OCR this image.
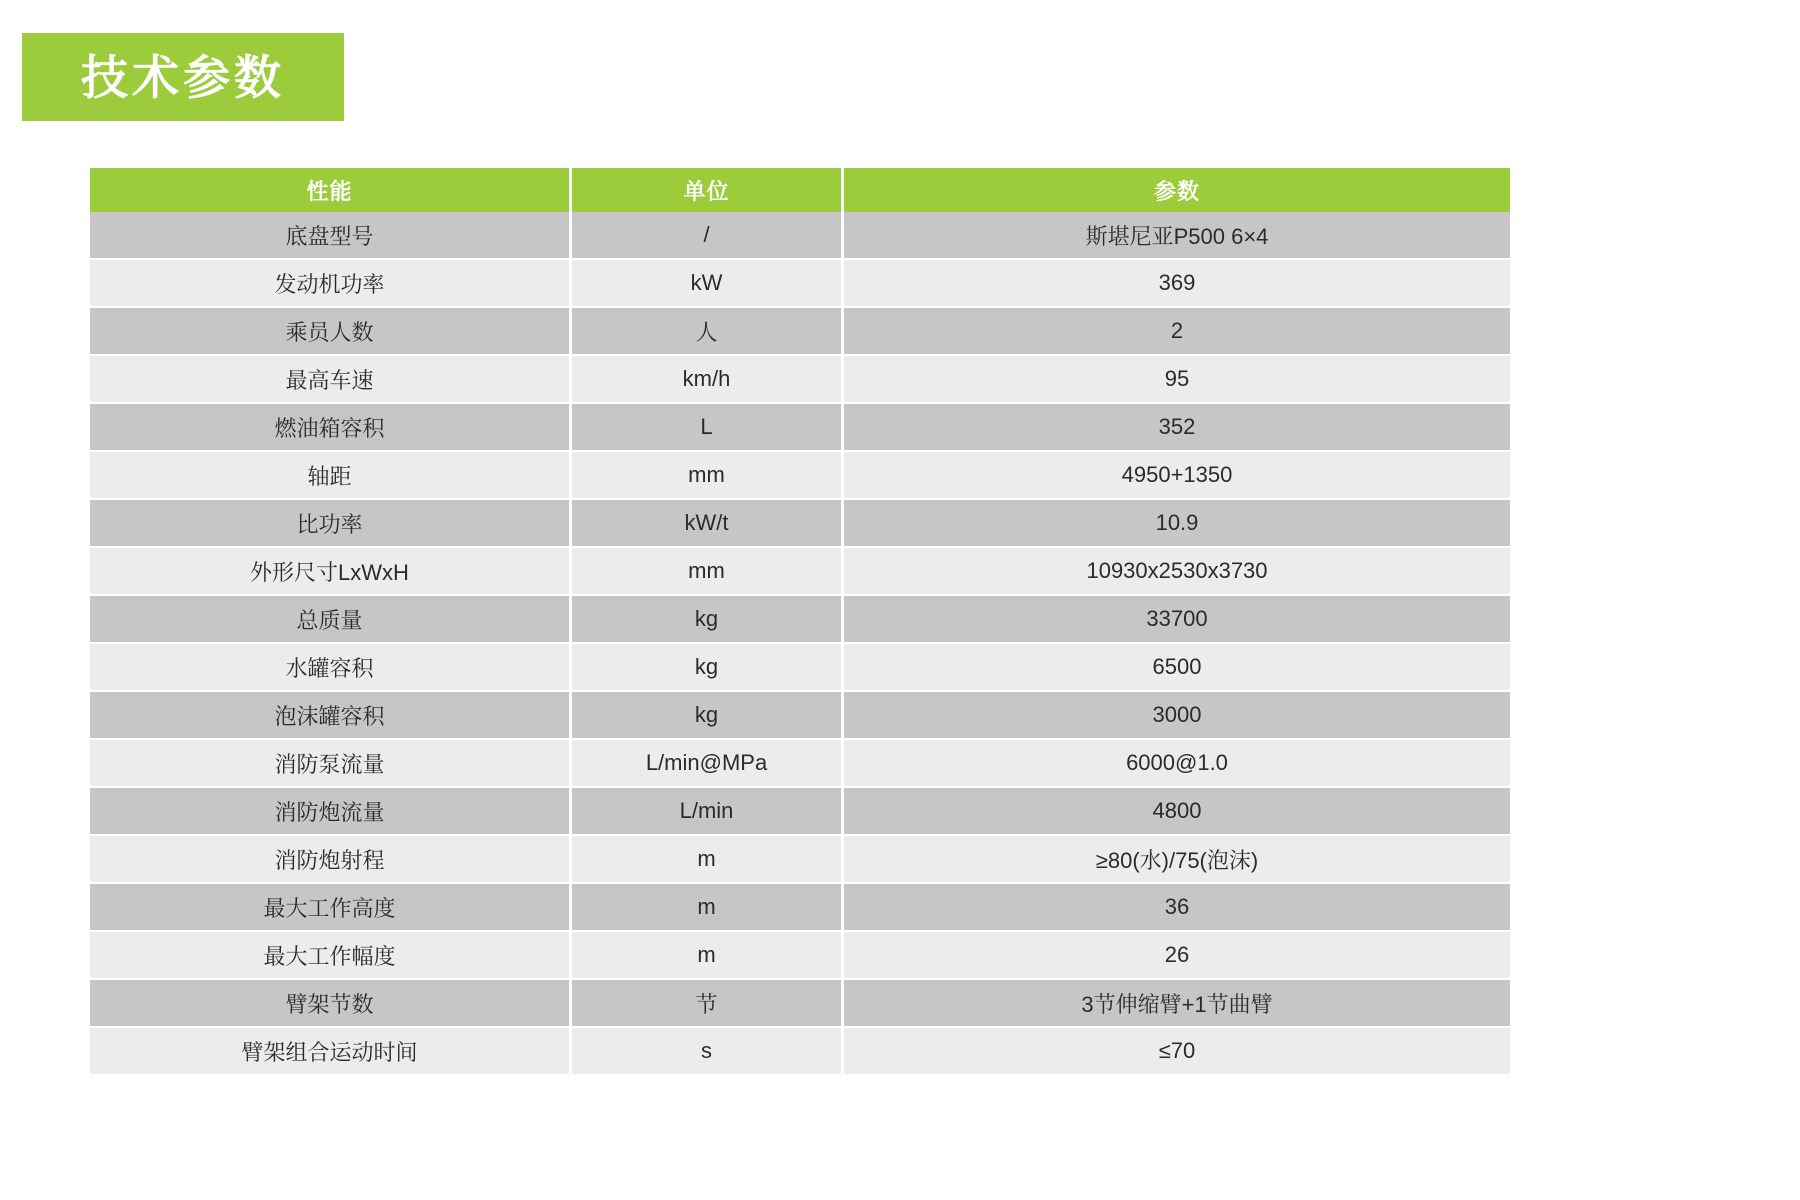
技术参数
性能	单位	参数
底盘型号	/	斯堪尼亚P500 6×4
发动机功率	kW	369
乘员人数	人	2
最高车速	km/h	95
燃油箱容积	L	352
轴距	mm	4950+1350
比功率	kW/t	10.9
外形尺寸LxWxH	mm	10930x2530x3730
总质量	kg	33700
水罐容积	kg	6500
泡沫罐容积	kg	3000
消防泵流量	L/min@MPa	6000@1.0
消防炮流量	L/min	4800
消防炮射程	m	≥80(水)/75(泡沫)
最大工作高度	m	36
最大工作幅度	m	26
臂架节数	节	3节伸缩臂+1节曲臂
臂架组合运动时间	s	≤70
